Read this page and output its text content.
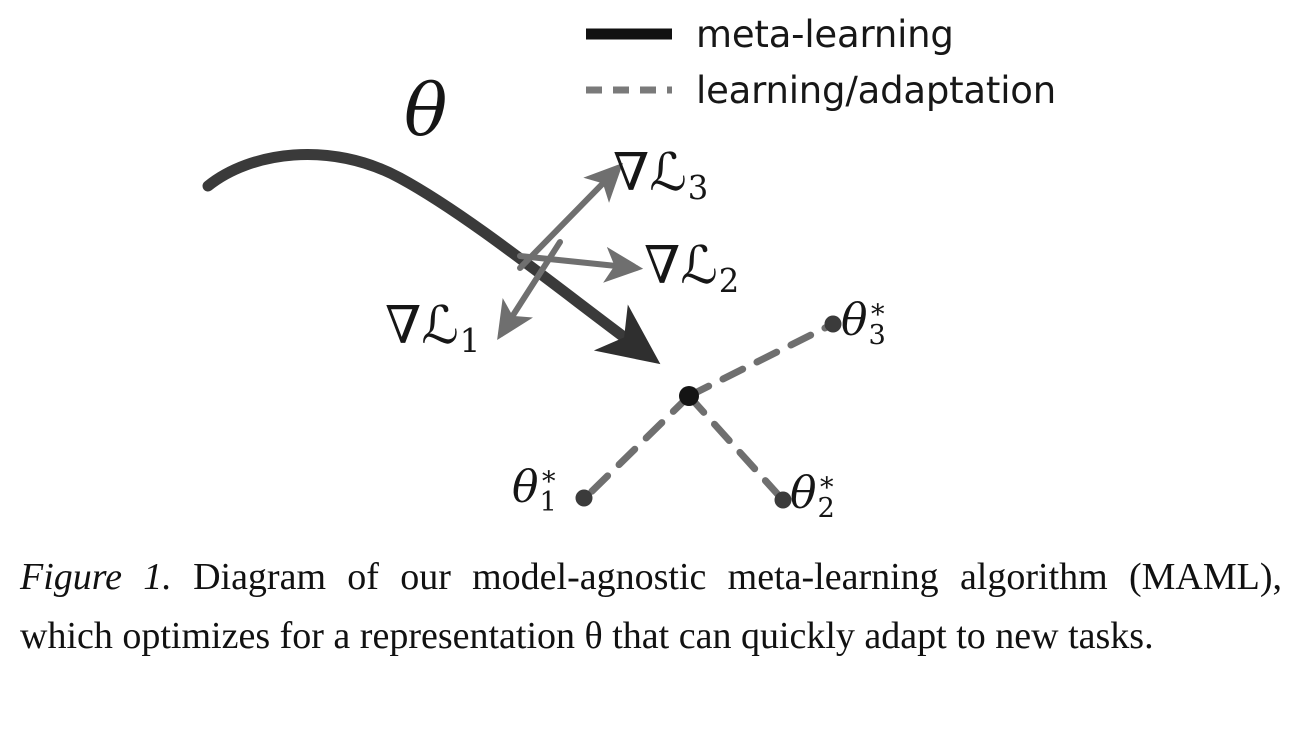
θ
∇ℒ$_3$
∇ℒ$_2$
∇ℒ$_1$
θ ∗
1	θ ∗
2
θ ∗
3
meta-learning
learning/adaptation
Figure 1. Diagram of our model-agnostic meta-learning algorithm (MAML), which optimizes for a representation θ that can quickly adapt to new tasks.
